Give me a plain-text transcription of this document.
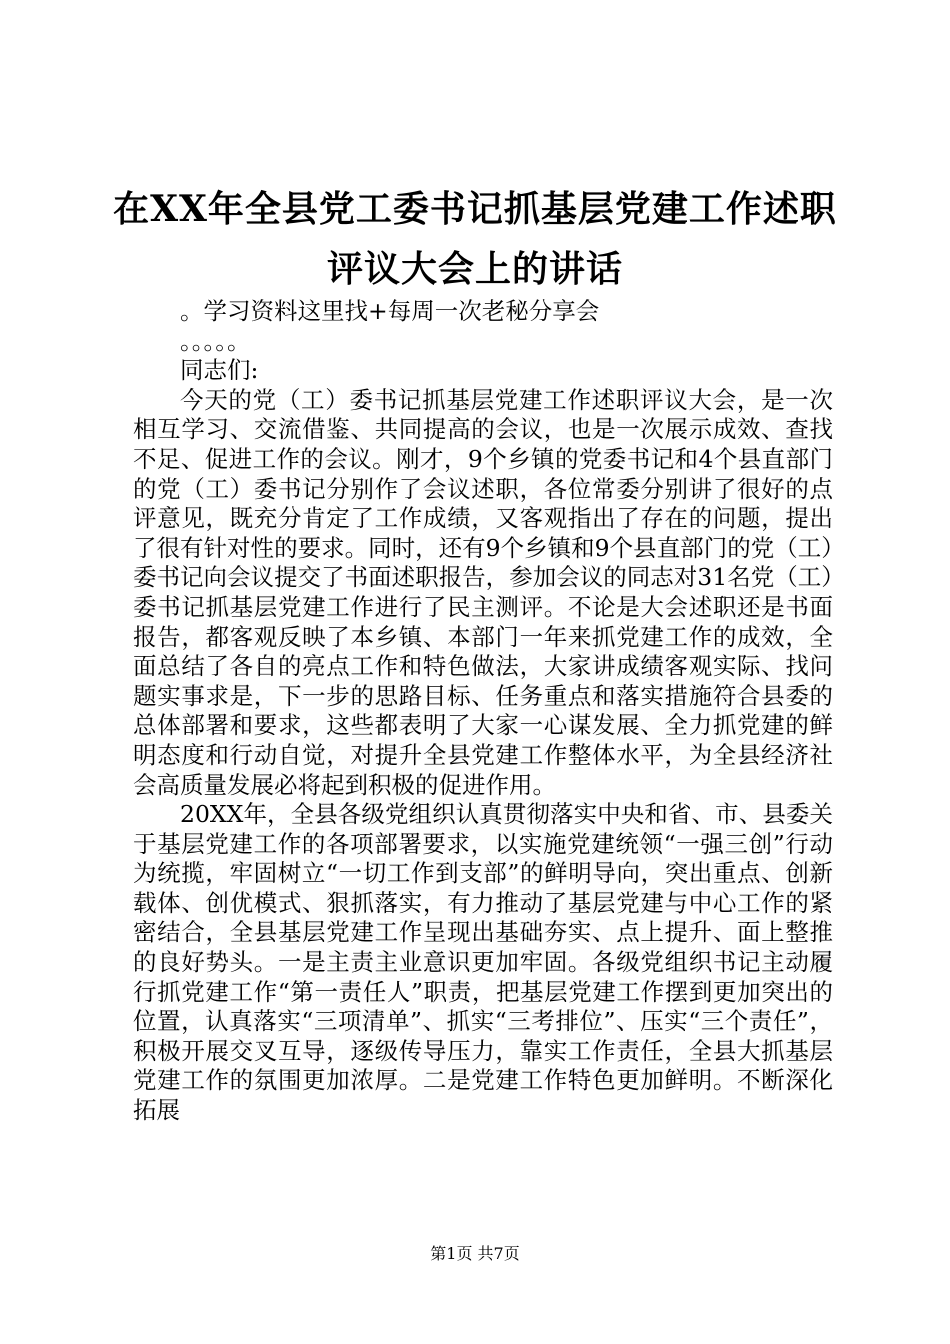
在XX年全县党工委书记抓基层党建工作述职
评议大会上的讲话

。学习资料这里找+每周一次老秘分享会

。。。。。

同志们:

今天的党（工）委书记抓基层党建工作述职评议大会，是一次相互学习、交流借鉴、共同提高的会议，也是一次展示成效、查找不足、促进工作的会议。刚才，9个乡镇的党委书记和4个县直部门的党（工）委书记分别作了会议述职，各位常委分别讲了很好的点评意见，既充分肯定了工作成绩，又客观指出了存在的问题，提出了很有针对性的要求。同时，还有9个乡镇和9个县直部门的党（工）委书记向会议提交了书面述职报告，参加会议的同志对31名党（工）委书记抓基层党建工作进行了民主测评。不论是大会述职还是书面报告，都客观反映了本乡镇、本部门一年来抓党建工作的成效，全面总结了各自的亮点工作和特色做法，大家讲成绩客观实际、找问题实事求是，下一步的思路目标、任务重点和落实措施符合县委的总体部署和要求，这些都表明了大家一心谋发展、全力抓党建的鲜明态度和行动自觉，对提升全县党建工作整体水平，为全县经济社会高质量发展必将起到积极的促进作用。

20XX年，全县各级党组织认真贯彻落实中央和省、市、县委关于基层党建工作的各项部署要求，以实施党建统领“一强三创”行动为统揽，牢固树立“一切工作到支部”的鲜明导向，突出重点、创新载体、创优模式、狠抓落实，有力推动了基层党建与中心工作的紧密结合，全县基层党建工作呈现出基础夯实、点上提升、面上整推的良好势头。一是主责主业意识更加牢固。各级党组织书记主动履行抓党建工作“第一责任人”职责，把基层党建工作摆到更加突出的位置，认真落实“三项清单”、抓实“三考排位”、压实“三个责任”，积极开展交叉互导，逐级传导压力，靠实工作责任，全县大抓基层党建工作的氛围更加浓厚。二是党建工作特色更加鲜明。不断深化拓展

第1页 共7页
